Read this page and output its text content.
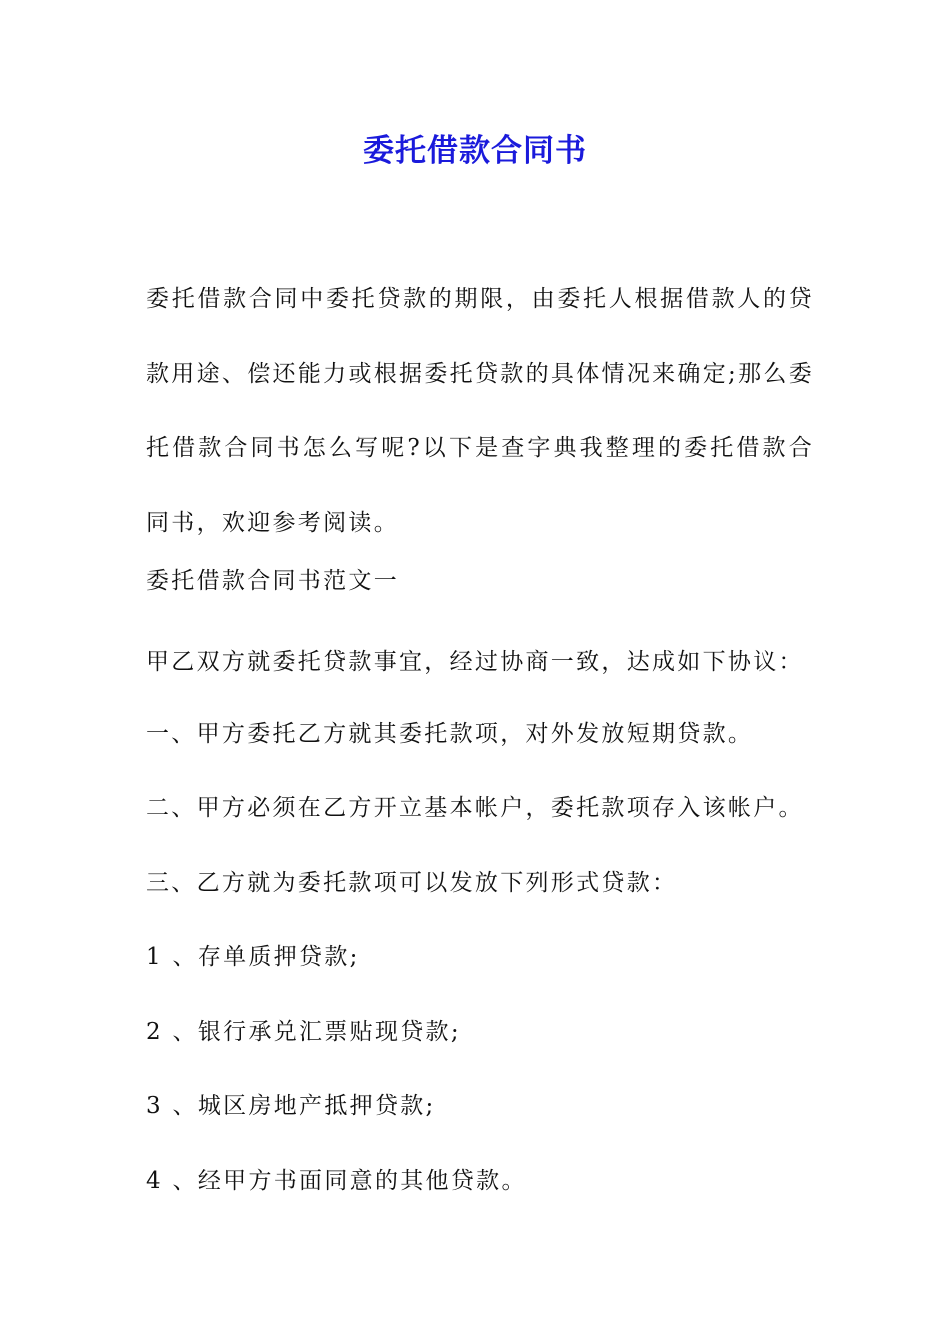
委托借款合同书

委托借款合同中委托贷款的期限，由委托人根据借款人的贷款用途、偿还能力或根据委托贷款的具体情况来确定;那么委托借款合同书怎么写呢?以下是查字典我整理的委托借款合同书，欢迎参考阅读。

委托借款合同书范文一

甲乙双方就委托贷款事宜，经过协商一致，达成如下协议：

一、甲方委托乙方就其委托款项，对外发放短期贷款。

二、甲方必须在乙方开立基本帐户，委托款项存入该帐户。

三、乙方就为委托款项可以发放下列形式贷款：

1 、存单质押贷款;

2 、银行承兑汇票贴现贷款;

3 、城区房地产抵押贷款;

4 、经甲方书面同意的其他贷款。
